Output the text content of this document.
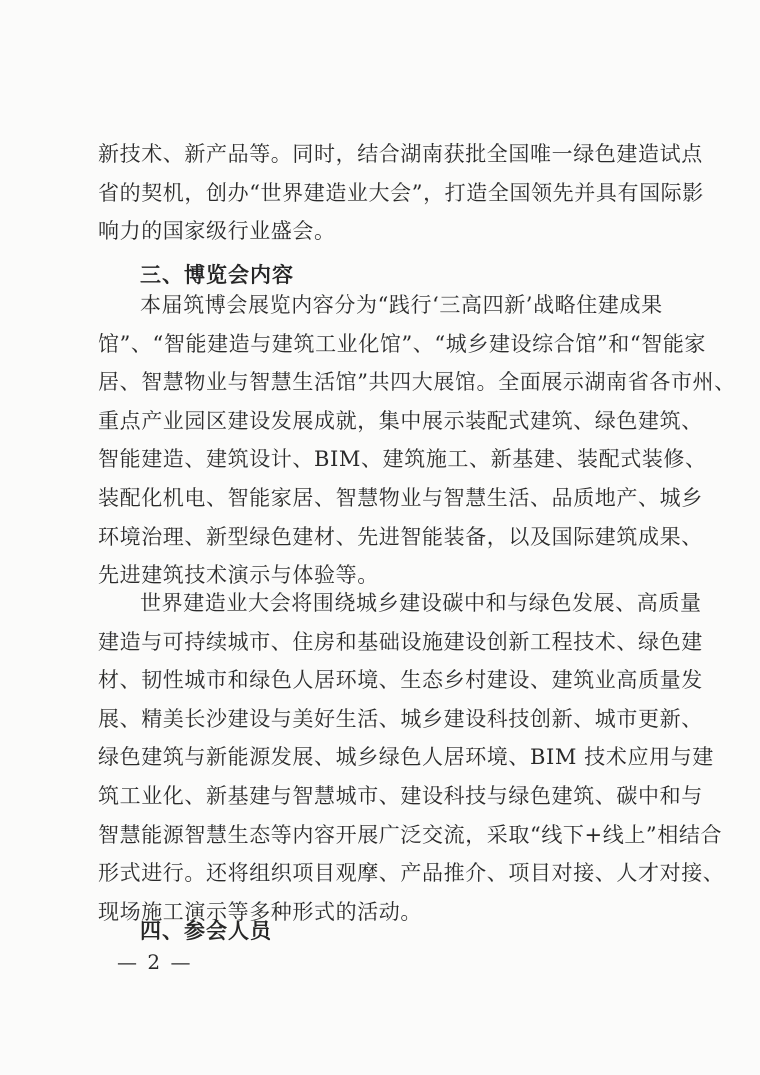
新技术、新产品等。同时，结合湖南获批全国唯一绿色建造试点
省的契机，创办“世界建造业大会”，打造全国领先并具有国际影
响力的国家级行业盛会。
三、博览会内容
本届筑博会展览内容分为“践行‘三高四新’战略住建成果
馆”、“智能建造与建筑工业化馆”、“城乡建设综合馆”和“智能家
居、智慧物业与智慧生活馆”共四大展馆。全面展示湖南省各市州、
重点产业园区建设发展成就，集中展示装配式建筑、绿色建筑、
智能建造、建筑设计、BIM、建筑施工、新基建、装配式装修、
装配化机电、智能家居、智慧物业与智慧生活、品质地产、城乡
环境治理、新型绿色建材、先进智能装备，以及国际建筑成果、
先进建筑技术演示与体验等。
世界建造业大会将围绕城乡建设碳中和与绿色发展、高质量
建造与可持续城市、住房和基础设施建设创新工程技术、绿色建
材、韧性城市和绿色人居环境、生态乡村建设、建筑业高质量发
展、精美长沙建设与美好生活、城乡建设科技创新、城市更新、
绿色建筑与新能源发展、城乡绿色人居环境、BIM 技术应用与建
筑工业化、新基建与智慧城市、建设科技与绿色建筑、碳中和与
智慧能源智慧生态等内容开展广泛交流，采取“线下+线上”相结合
形式进行。还将组织项目观摩、产品推介、项目对接、人才对接、
现场施工演示等多种形式的活动。
四、参会人员
— 2 —
